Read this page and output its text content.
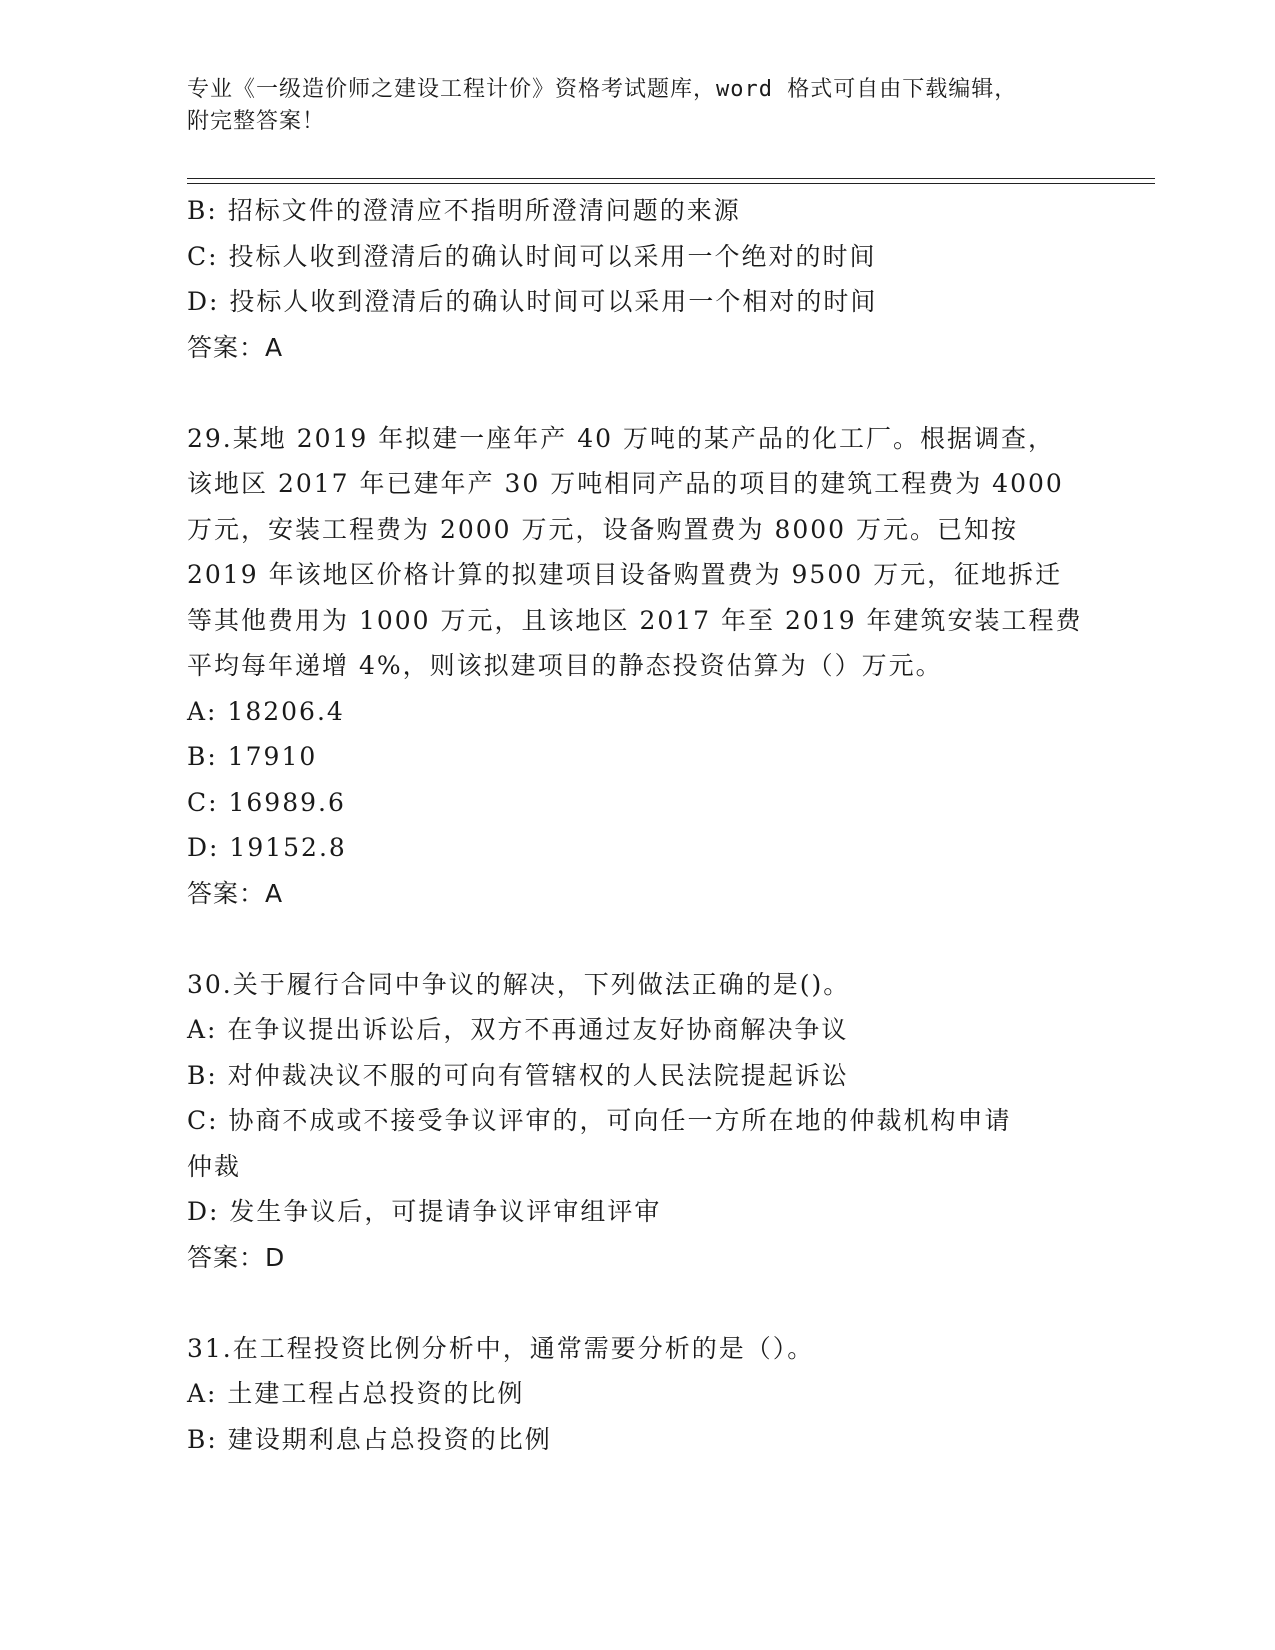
专业《一级造价师之建设工程计价》资格考试题库，word 格式可自由下载编辑，
附完整答案！
B: 招标文件的澄清应不指明所澄清问题的来源
C: 投标人收到澄清后的确认时间可以采用一个绝对的时间
D: 投标人收到澄清后的确认时间可以采用一个相对的时间
答案：A
29.某地 2019 年拟建一座年产 40 万吨的某产品的化工厂。根据调查，
该地区 2017 年已建年产 30 万吨相同产品的项目的建筑工程费为 4000
万元，安装工程费为 2000 万元，设备购置费为 8000 万元。已知按
2019 年该地区价格计算的拟建项目设备购置费为 9500 万元，征地拆迁
等其他费用为 1000 万元，且该地区 2017 年至 2019 年建筑安装工程费
平均每年递增 4%，则该拟建项目的静态投资估算为（）万元。
A: 18206.4
B: 17910
C: 16989.6
D: 19152.8
答案：A
30.关于履行合同中争议的解决，下列做法正确的是()。
A: 在争议提出诉讼后，双方不再通过友好协商解决争议
B: 对仲裁决议不服的可向有管辖权的人民法院提起诉讼
C: 协商不成或不接受争议评审的，可向任一方所在地的仲裁机构申请
仲裁
D: 发生争议后，可提请争议评审组评审
答案：D
31.在工程投资比例分析中，通常需要分析的是（）。
A: 土建工程占总投资的比例
B: 建设期利息占总投资的比例
